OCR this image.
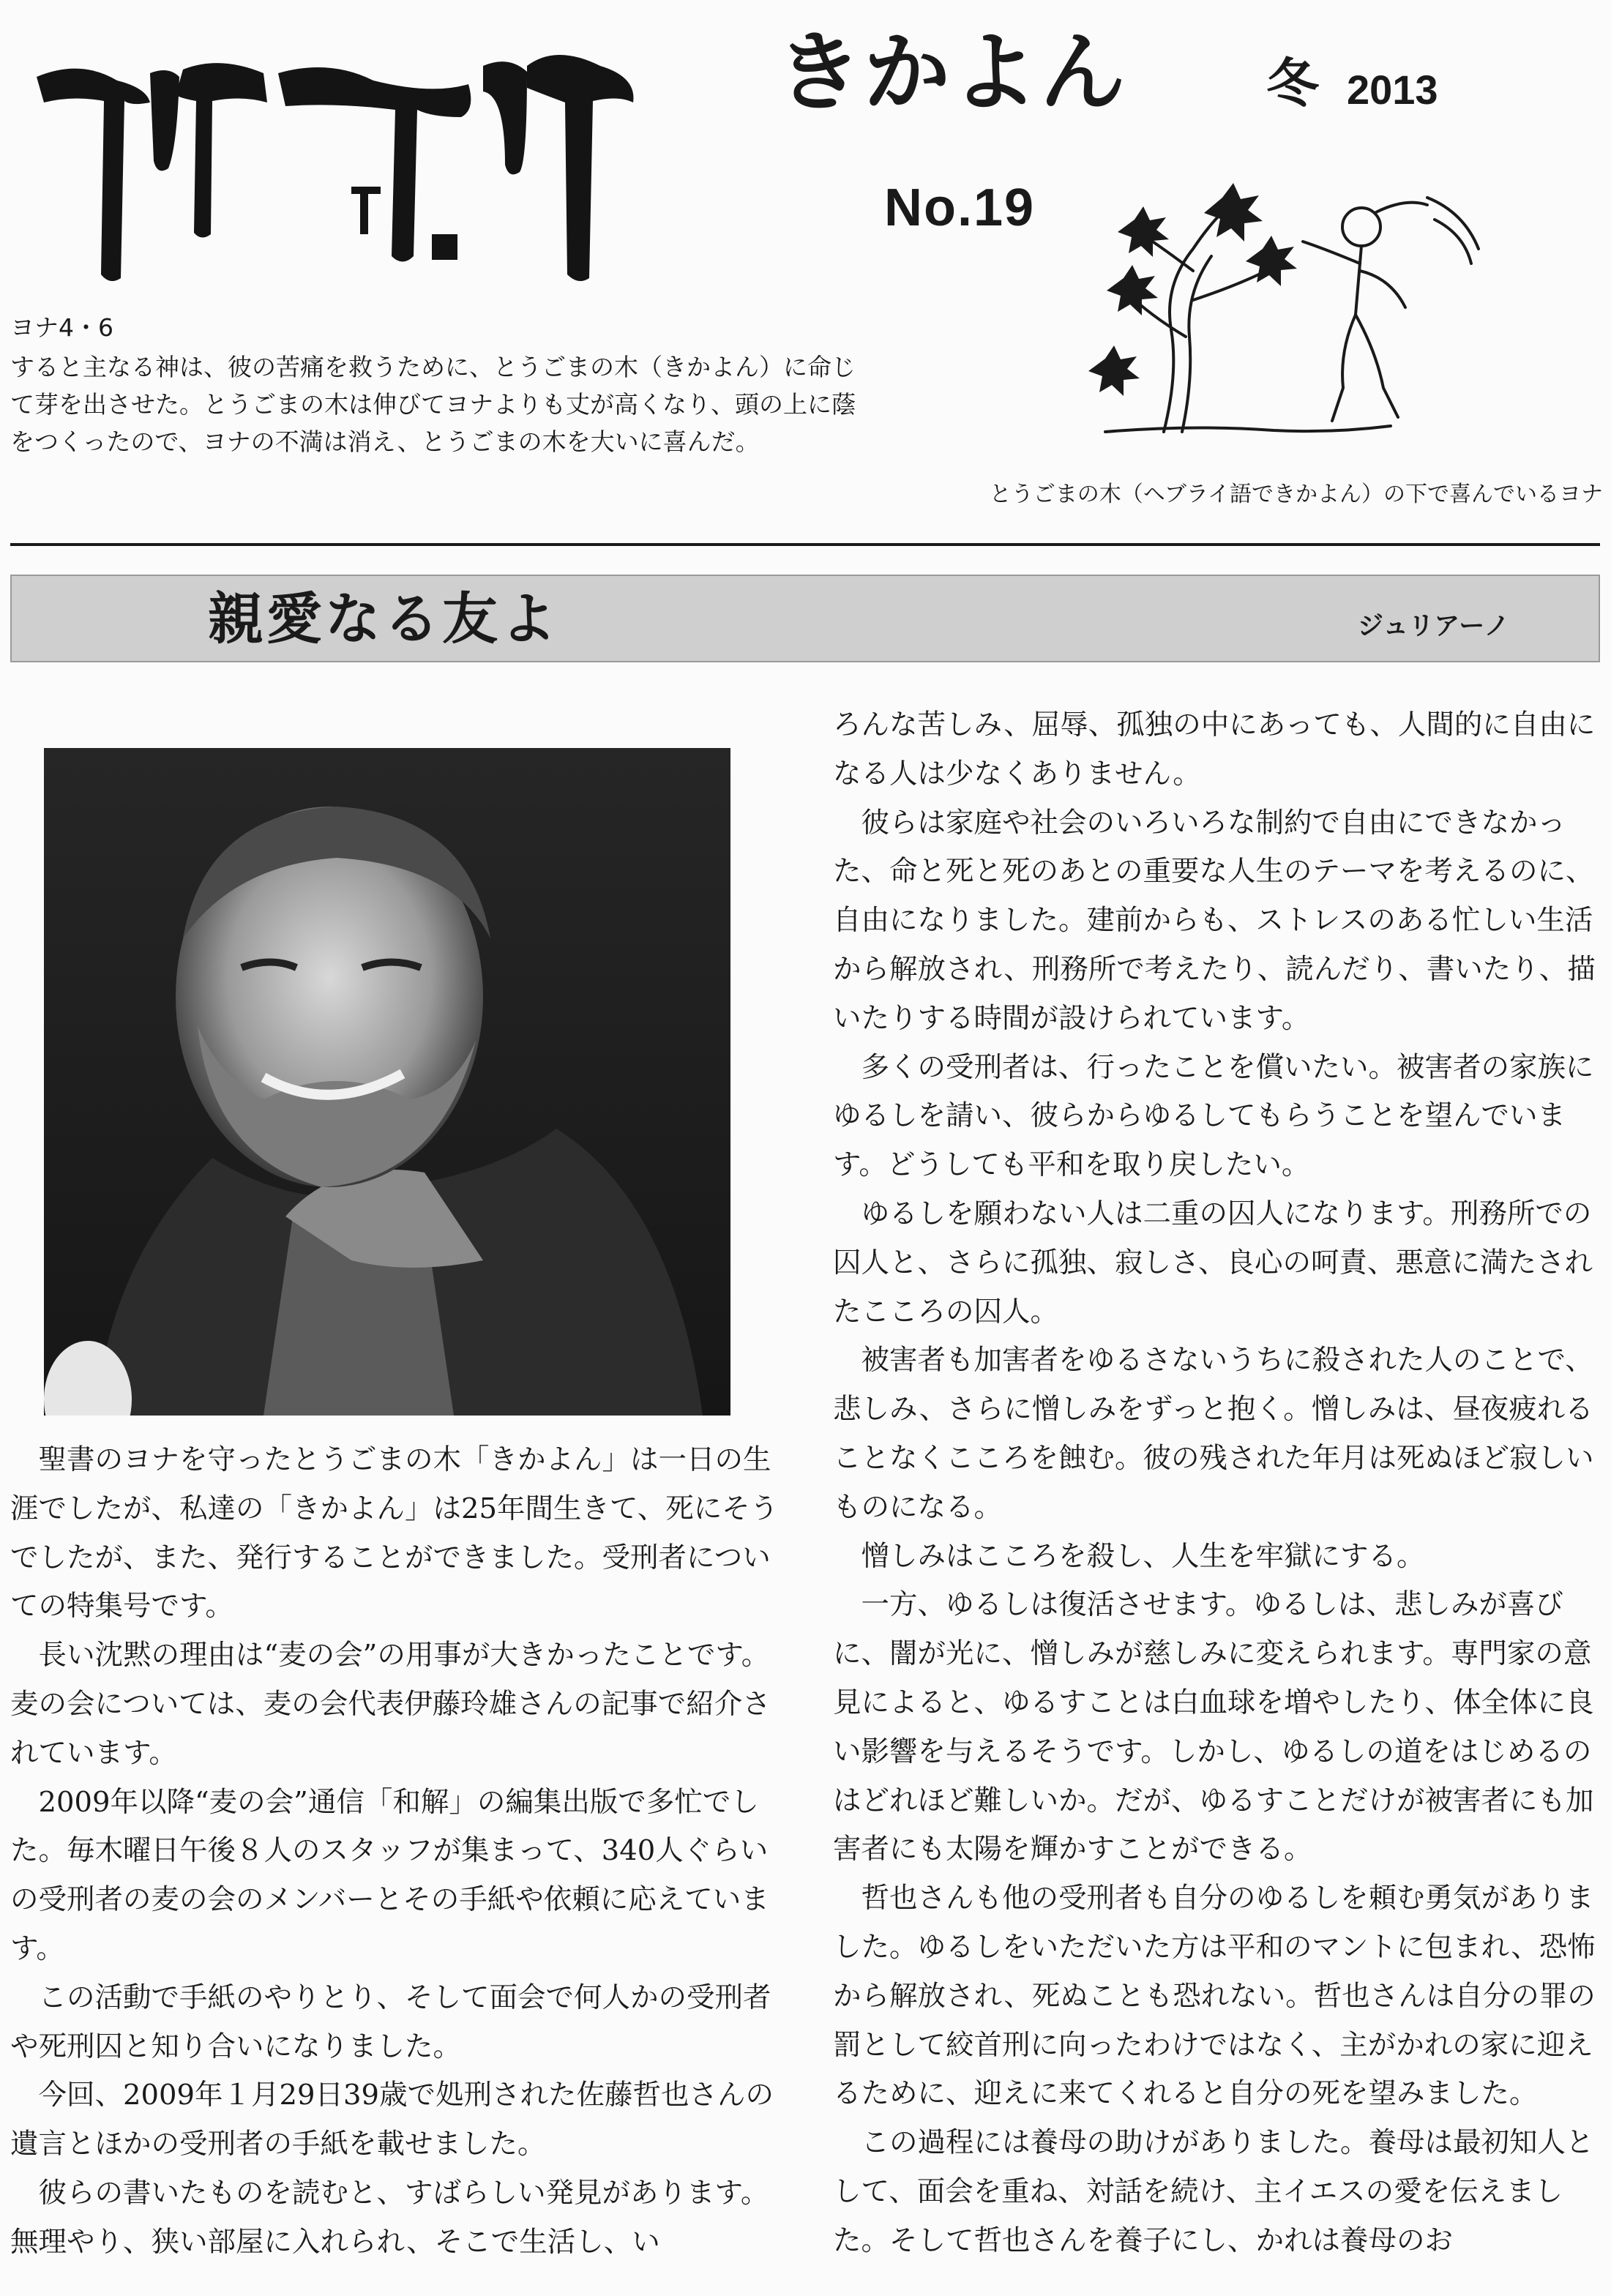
きかよん	冬 2013
No.19
ヨナ4・6

すると主なる神は、彼の苦痛を救うために、とうごまの木（きかよん）に命じて芽を出させた。とうごまの木は伸びてヨナよりも丈が高くなり、頭の上に蔭をつくったので、ヨナの不満は消え、とうごまの木を大いに喜んだ。

とうごまの木（ヘブライ語できかよん）の下で喜んでいるヨナ
親愛なる友よ	ジュリアーノ

聖書のヨナを守ったとうごまの木「きかよん」は一日の生涯でしたが、私達の「きかよん」は25年間生きて、死にそうでしたが、また、発行することができました。受刑者についての特集号です。

長い沈黙の理由は“麦の会”の用事が大きかったことです。麦の会については、麦の会代表伊藤玲雄さんの記事で紹介されています。

2009年以降“麦の会”通信「和解」の編集出版で多忙でした。毎木曜日午後８人のスタッフが集まって、340人ぐらいの受刑者の麦の会のメンバーとその手紙や依頼に応えています。

この活動で手紙のやりとり、そして面会で何人かの受刑者や死刑囚と知り合いになりました。

今回、2009年１月29日39歳で処刑された佐藤哲也さんの遺言とほかの受刑者の手紙を載せました。

彼らの書いたものを読むと、すばらしい発見があります。無理やり、狭い部屋に入れられ、そこで生活し、い

ろんな苦しみ、屈辱、孤独の中にあっても、人間的に自由になる人は少なくありません。

彼らは家庭や社会のいろいろな制約で自由にできなかった、命と死と死のあとの重要な人生のテーマを考えるのに、自由になりました。建前からも、ストレスのある忙しい生活から解放され、刑務所で考えたり、読んだり、書いたり、描いたりする時間が設けられています。

多くの受刑者は、行ったことを償いたい。被害者の家族にゆるしを請い、彼らからゆるしてもらうことを望んでいます。どうしても平和を取り戻したい。

ゆるしを願わない人は二重の囚人になります。刑務所での囚人と、さらに孤独、寂しさ、良心の呵責、悪意に満たされたこころの囚人。

被害者も加害者をゆるさないうちに殺された人のことで、悲しみ、さらに憎しみをずっと抱く。憎しみは、昼夜疲れることなくこころを蝕む。彼の残された年月は死ぬほど寂しいものになる。

憎しみはこころを殺し、人生を牢獄にする。

一方、ゆるしは復活させます。ゆるしは、悲しみが喜びに、闇が光に、憎しみが慈しみに変えられます。専門家の意見によると、ゆるすことは白血球を増やしたり、体全体に良い影響を与えるそうです。しかし、ゆるしの道をはじめるのはどれほど難しいか。だが、ゆるすことだけが被害者にも加害者にも太陽を輝かすことができる。

哲也さんも他の受刑者も自分のゆるしを頼む勇気がありました。ゆるしをいただいた方は平和のマントに包まれ、恐怖から解放され、死ぬことも恐れない。哲也さんは自分の罪の罰として絞首刑に向ったわけではなく、主がかれの家に迎えるために、迎えに来てくれると自分の死を望みました。

この過程には養母の助けがありました。養母は最初知人として、面会を重ね、対話を続け、主イエスの愛を伝えました。そして哲也さんを養子にし、かれは養母のお
